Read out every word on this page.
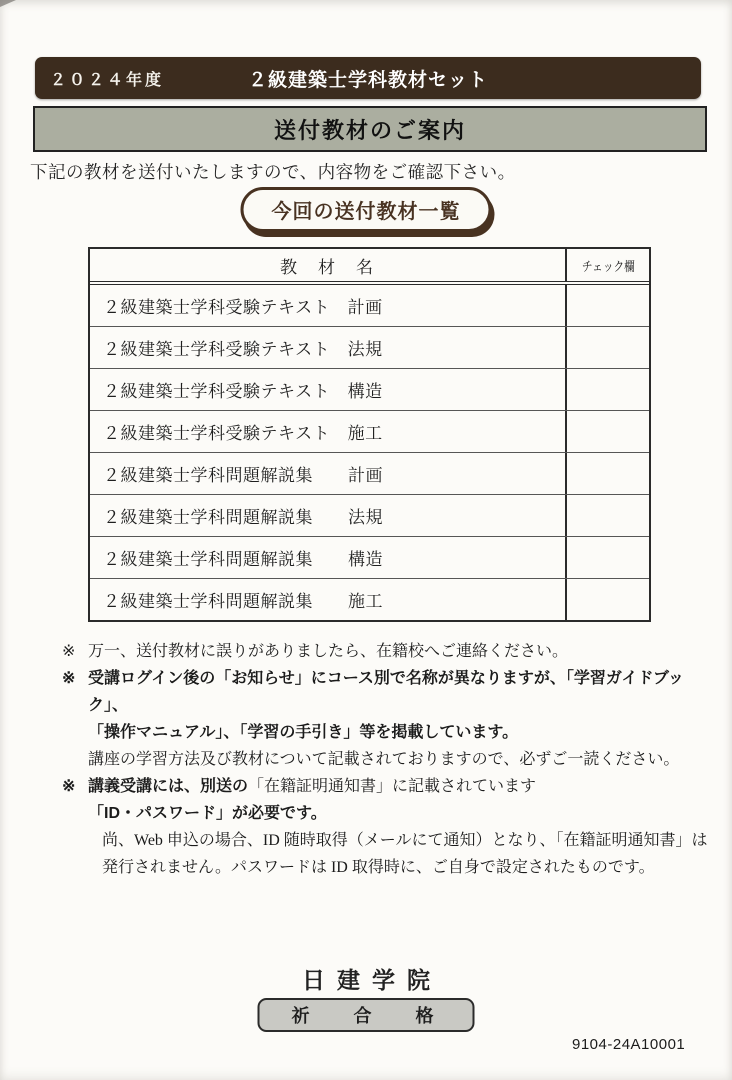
２０２４年度	２級建築士学科教材セット
送付教材のご案内
下記の教材を送付いたしますので、内容物をご確認下さい。
今回の送付教材一覧
教　材　名	チェック欄
２級建築士学科受験テキスト　計画
２級建築士学科受験テキスト　法規
２級建築士学科受験テキスト　構造
２級建築士学科受験テキスト　施工
２級建築士学科問題解説集　　計画
２級建築士学科問題解説集　　法規
２級建築士学科問題解説集　　構造
２級建築士学科問題解説集　　施工
※ 万一、送付教材に誤りがありましたら、在籍校へご連絡ください。
※ 受講ログイン後の「お知らせ」にコース別で名称が異なりますが、「学習ガイドブック」、
「操作マニュアル」、「学習の手引き」等を掲載しています。
講座の学習方法及び教材について記載されておりますので、必ずご一読ください。
※ 講義受講には、別送の 「在籍証明通知書」に記載されています
「ID・パスワード」が必要です。
尚、Web 申込の場合、ID 随時取得（メールにて通知）となり、「在籍証明通知書」は
発行されません。パスワードは ID 取得時に、ご自身で設定されたものです。
日建学院
祈　合　格
9104-24A10001
